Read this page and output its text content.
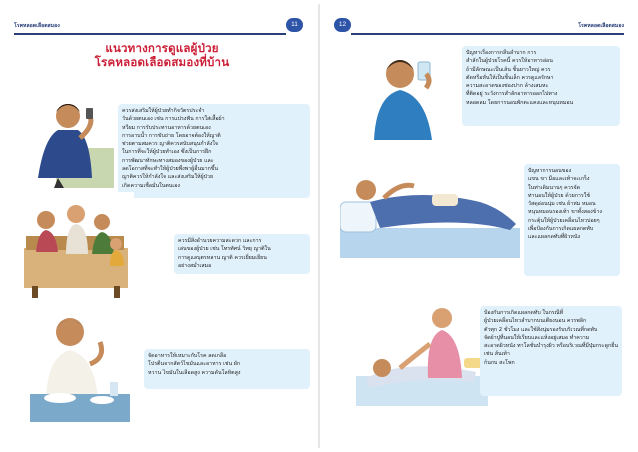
โรคหลอดเลือดสมอง	11
แนวทางการดูแลผู้ป่วย
โรคหลอดเลือดสมองที่บ้าน
ควรส่งเสริมให้ผู้ป่วยทำกิจวัตรประจำ
วันด้วยตนเอง เช่น การแปรงฟัน การใส่เสื้อผ้า
หวีผม การรับประทานอาหารด้วยตนเอง
การอาบน้ำ การขับถ่าย โดยอาจต้องให้ญาติ
ช่วยตามสมควร ญาติควรสนับสนุนกำลังใจ
ในการที่จะให้ผู้ป่วยทำเอง ซึ่งเป็นการฝึก
การพัฒนาทักษะทางสมองของผู้ป่วย และ
ลดโอกาสที่จะทำให้ผู้ป่วยพึ่งพาผู้อื่นมากขึ้น
ญาติควรให้กำลังใจ และส่งเสริมให้ผู้ป่วย
เกิดความเชื่อมั่นในตนเอง
ควรมีสิ่งอำนวยความสะดวก และการ
เล่นของผู้ป่วย เช่น โทรทัศน์ วิทยุ ญาติใน
การดูแลบุตรหลาน ญาติ ควรเยี่ยมเยียน
อย่างสม่ำเสมอ
จัดอาหารให้เหมาะกับโรค ลดเกลือ
โปรตีนจากสัตว์ไขมันและอาหาร เช่น ผัก
หวาน ไขมันในเลือดสูง ความดันโลหิตสูง
12	โรคหลอดเลือดสมอง
ปัญหาเรื่องการกลืนลำบาก การ
สำลักในผู้ป่วยโรคนี้ ควรให้อาหารอ่อน
ถ้ามีลักษณะเป็นเส้น ชิ้นยาวใหญ่ ควร
ตัดหรือหั่นให้เป็นชิ้นเล็ก ควรดูแลรักษา
ความสะอาดของช่องปาก ล้างเสมหะ
ที่ติดอยู่ ระวังการสำลักอาหารออกไปทาง
หลอดลม โดยการนอนพักตะแคงและหนุนหมอน
ปัญหาการนอนของ
แขน ขา มือและเท้าจะเกร็ง
ในท่าเดิมนานๆ ควรจัด
ท่านอนให้ผู้ป่วย ด้วยการใช้
วัสดุอ่อนนุ่ม เช่น ผ้าห่ม หมอน
หนุนหมอนรองเท้า ขาทั้งสองข้าง
กระตุ้นให้ผู้ป่วยเคลื่อนไหวบ่อยๆ
เพื่อป้องกันการเกิดแผลกดทับ
และแผลกดทับที่ผิวหนัง
ป้องกันการเกิดแผลกดทับ ในกรณีที่
ผู้ป่วยเคลื่อนไหวลำบากบนเตียงนอน ควรพลิก
ตัวทุก 2 ชั่วโมง และใช้สิ่งนุ่มรองรับบริเวณที่กดทับ
จัดผ้าปูที่นอนให้เรียบและแห้งอยู่เสมอ ทำความ
สะอาดผิวหนัง ทาโลชั่นบำรุงผิว หรือบริเวณที่มีปุ่มกระดูกยื่น เช่น ส้นเท้า
ก้นกบ สะโพก
